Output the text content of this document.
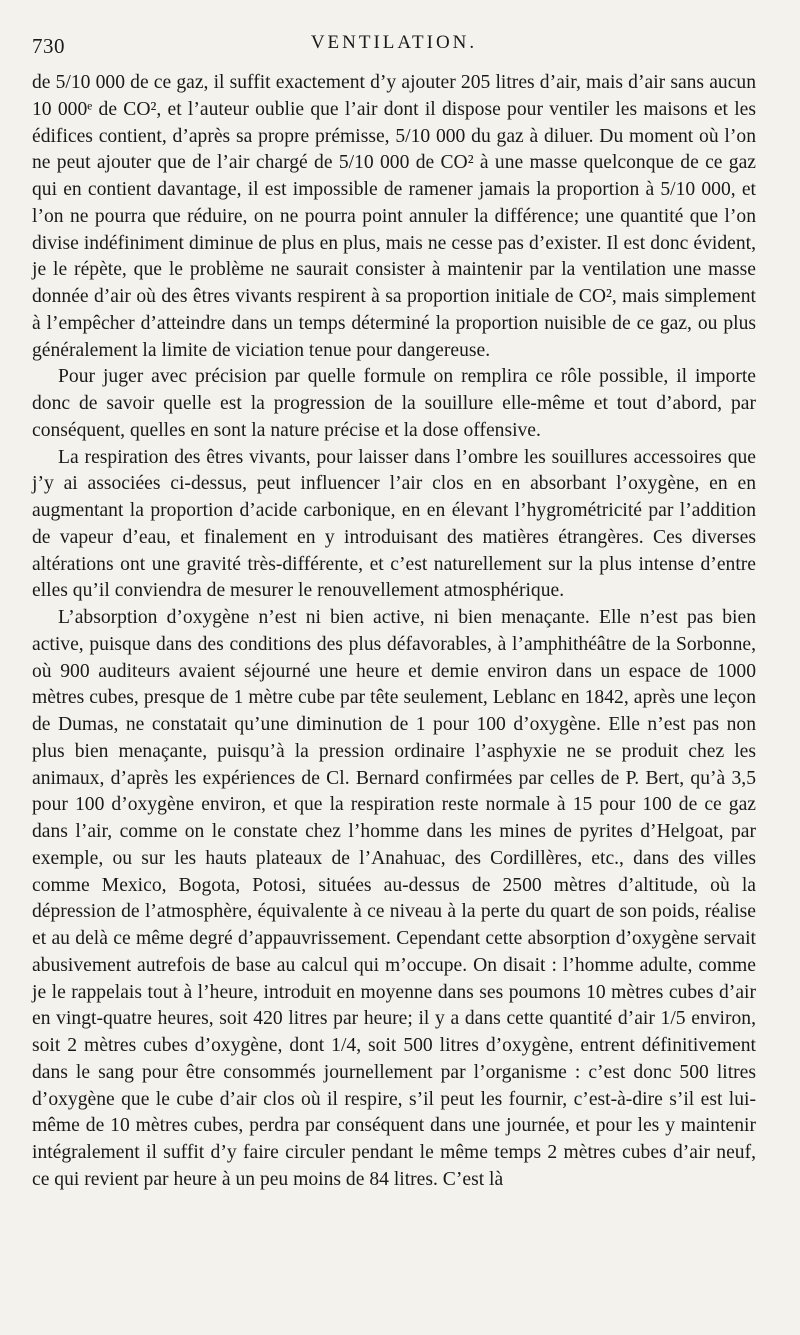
730	VENTILATION.

de 5/10 000 de ce gaz, il suffit exactement d’y ajouter 205 litres d’air, mais d’air sans aucun 10 000ᵉ de CO², et l’auteur oublie que l’air dont il dispose pour ventiler les maisons et les édifices contient, d’après sa propre prémisse, 5/10 000 du gaz à diluer. Du moment où l’on ne peut ajouter que de l’air chargé de 5/10 000 de CO² à une masse quelconque de ce gaz qui en contient davantage, il est impossible de ramener jamais la proportion à 5/10 000, et l’on ne pourra que réduire, on ne pourra point annuler la différence; une quantité que l’on divise indéfiniment diminue de plus en plus, mais ne cesse pas d’exister. Il est donc évident, je le répète, que le problème ne saurait consister à maintenir par la ventilation une masse donnée d’air où des êtres vivants respirent à sa proportion initiale de CO², mais simplement à l’empêcher d’atteindre dans un temps déterminé la proportion nuisible de ce gaz, ou plus généralement la limite de viciation tenue pour dangereuse.

Pour juger avec précision par quelle formule on remplira ce rôle possible, il importe donc de savoir quelle est la progression de la souillure elle-même et tout d’abord, par conséquent, quelles en sont la nature précise et la dose offensive.

La respiration des êtres vivants, pour laisser dans l’ombre les souillures accessoires que j’y ai associées ci-dessus, peut influencer l’air clos en en absorbant l’oxygène, en en augmentant la proportion d’acide carbonique, en en élevant l’hygrométricité par l’addition de vapeur d’eau, et finalement en y introduisant des matières étrangères. Ces diverses altérations ont une gravité très-différente, et c’est naturellement sur la plus intense d’entre elles qu’il conviendra de mesurer le renouvellement atmosphérique.

L’absorption d’oxygène n’est ni bien active, ni bien menaçante. Elle n’est pas bien active, puisque dans des conditions des plus défavorables, à l’amphithéâtre de la Sorbonne, où 900 auditeurs avaient séjourné une heure et demie environ dans un espace de 1000 mètres cubes, presque de 1 mètre cube par tête seulement, Leblanc en 1842, après une leçon de Dumas, ne constatait qu’une diminution de 1 pour 100 d’oxygène. Elle n’est pas non plus bien menaçante, puisqu’à la pression ordinaire l’asphyxie ne se produit chez les animaux, d’après les expériences de Cl. Bernard confirmées par celles de P. Bert, qu’à 3,5 pour 100 d’oxygène environ, et que la respiration reste normale à 15 pour 100 de ce gaz dans l’air, comme on le constate chez l’homme dans les mines de pyrites d’Helgoat, par exemple, ou sur les hauts plateaux de l’Anahuac, des Cordillères, etc., dans des villes comme Mexico, Bogota, Potosi, situées au-dessus de 2500 mètres d’altitude, où la dépression de l’atmosphère, équivalente à ce niveau à la perte du quart de son poids, réalise et au delà ce même degré d’appauvrissement. Cependant cette absorption d’oxygène servait abusivement autrefois de base au calcul qui m’occupe. On disait : l’homme adulte, comme je le rappelais tout à l’heure, introduit en moyenne dans ses poumons 10 mètres cubes d’air en vingt-quatre heures, soit 420 litres par heure; il y a dans cette quantité d’air 1/5 environ, soit 2 mètres cubes d’oxygène, dont 1/4, soit 500 litres d’oxygène, entrent définitivement dans le sang pour être consommés journellement par l’organisme : c’est donc 500 litres d’oxygène que le cube d’air clos où il respire, s’il peut les fournir, c’est-à-dire s’il est lui-même de 10 mètres cubes, perdra par conséquent dans une journée, et pour les y maintenir intégralement il suffit d’y faire circuler pendant le même temps 2 mètres cubes d’air neuf, ce qui revient par heure à un peu moins de 84 litres. C’est là
